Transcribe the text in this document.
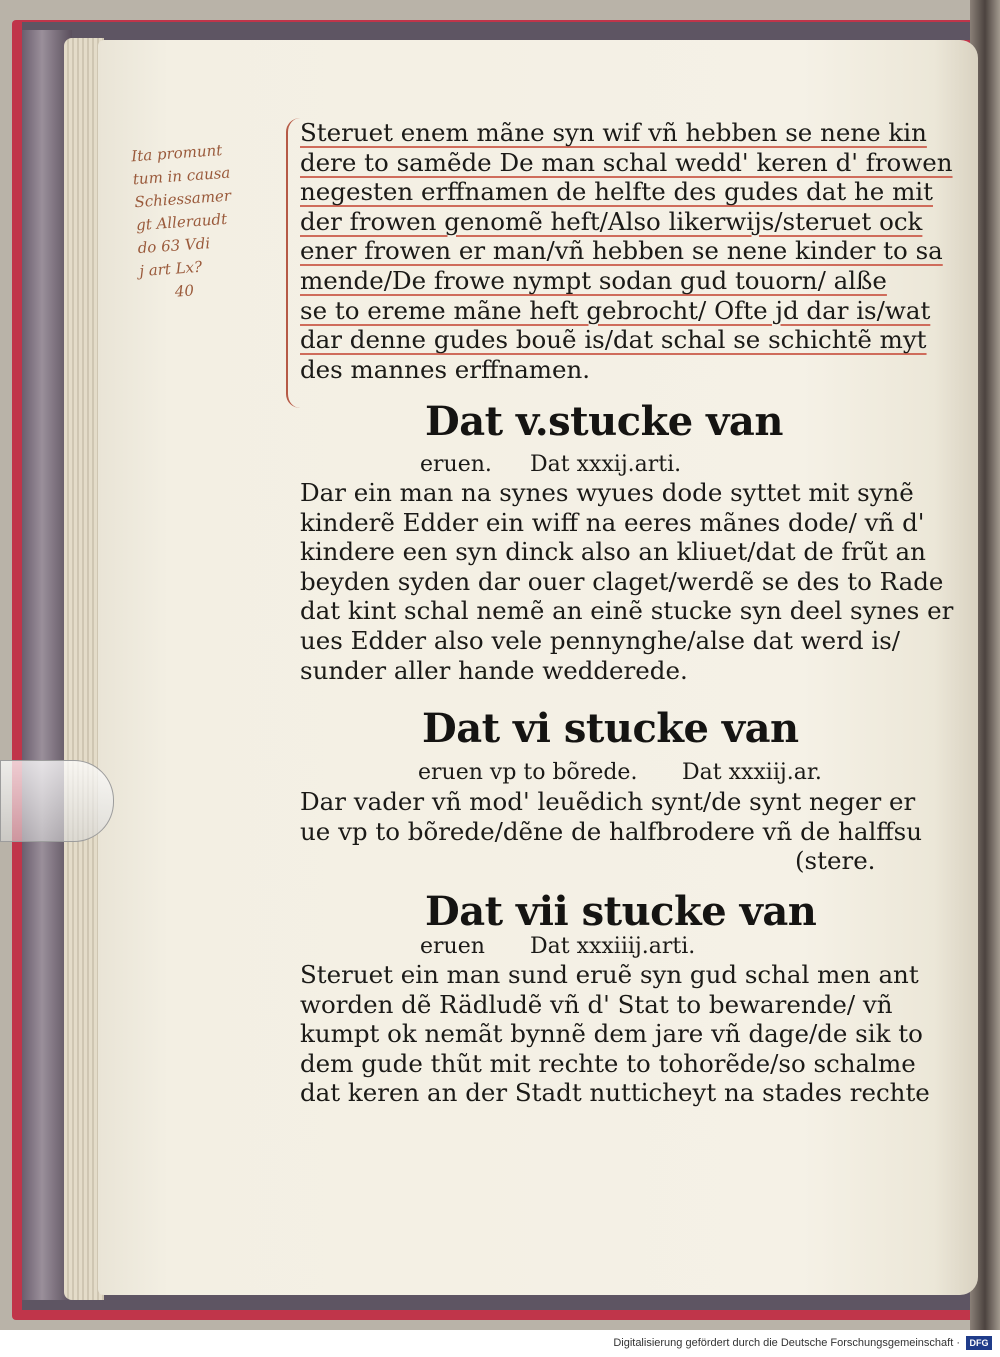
Ita promunt
tum in causa
Schiessamer
gt Alleraudt
do 63 Vdi
j art Lx?
40
Steruet enem mãne syn wif vñ hebben se nene kin
dere to samẽde De man schal wedd' keren d' frowen
negesten erffnamen de helfte des gudes dat he mit
der frowen genomẽ heft/Also likerwijs/steruet ock
ener frowen er man/vñ hebben se nene kinder to sa
mende/De frowe nympt sodan gud touorn/ alße
se to ereme mãne heft gebrocht/ Ofte jd dar is/wat
dar denne gudes bouẽ is/dat schal se schichtẽ myt
des mannes erffnamen.
Dat v.stucke van
eruen. Dat xxxij.arti.
Dar ein man na synes wyues dode syttet mit synẽ
kinderẽ Edder ein wiff na eeres mãnes dode/ vñ d'
kindere een syn dinck also an kliuet/dat de frũt an
beyden syden dar ouer claget/werdẽ se des to Rade
dat kint schal nemẽ an einẽ stucke syn deel synes er
ues Edder also vele pennynghe/alse dat werd is/
sunder aller hande wedderede.
Dat vi stucke van
eruen vp to bõrede. Dat xxxiij.ar.
Dar vader vñ mod' leuẽdich synt/de synt neger er
ue vp to bõrede/dẽne de halfbrodere vñ de halffsu
(stere.
Dat vii stucke van
eruen Dat xxxiiij.arti.
Steruet ein man sund eruẽ syn gud schal men ant
worden dẽ Rädludẽ vñ d' Stat to bewarende/ vñ
kumpt ok nemãt bynnẽ dem jare vñ dage/de sik to
dem gude thũt mit rechte to tohorẽde/so schalme
dat keren an der Stadt nutticheyt na stades rechte
Digitalisierung gefördert durch die Deutsche Forschungsgemeinschaft ·	DFG
